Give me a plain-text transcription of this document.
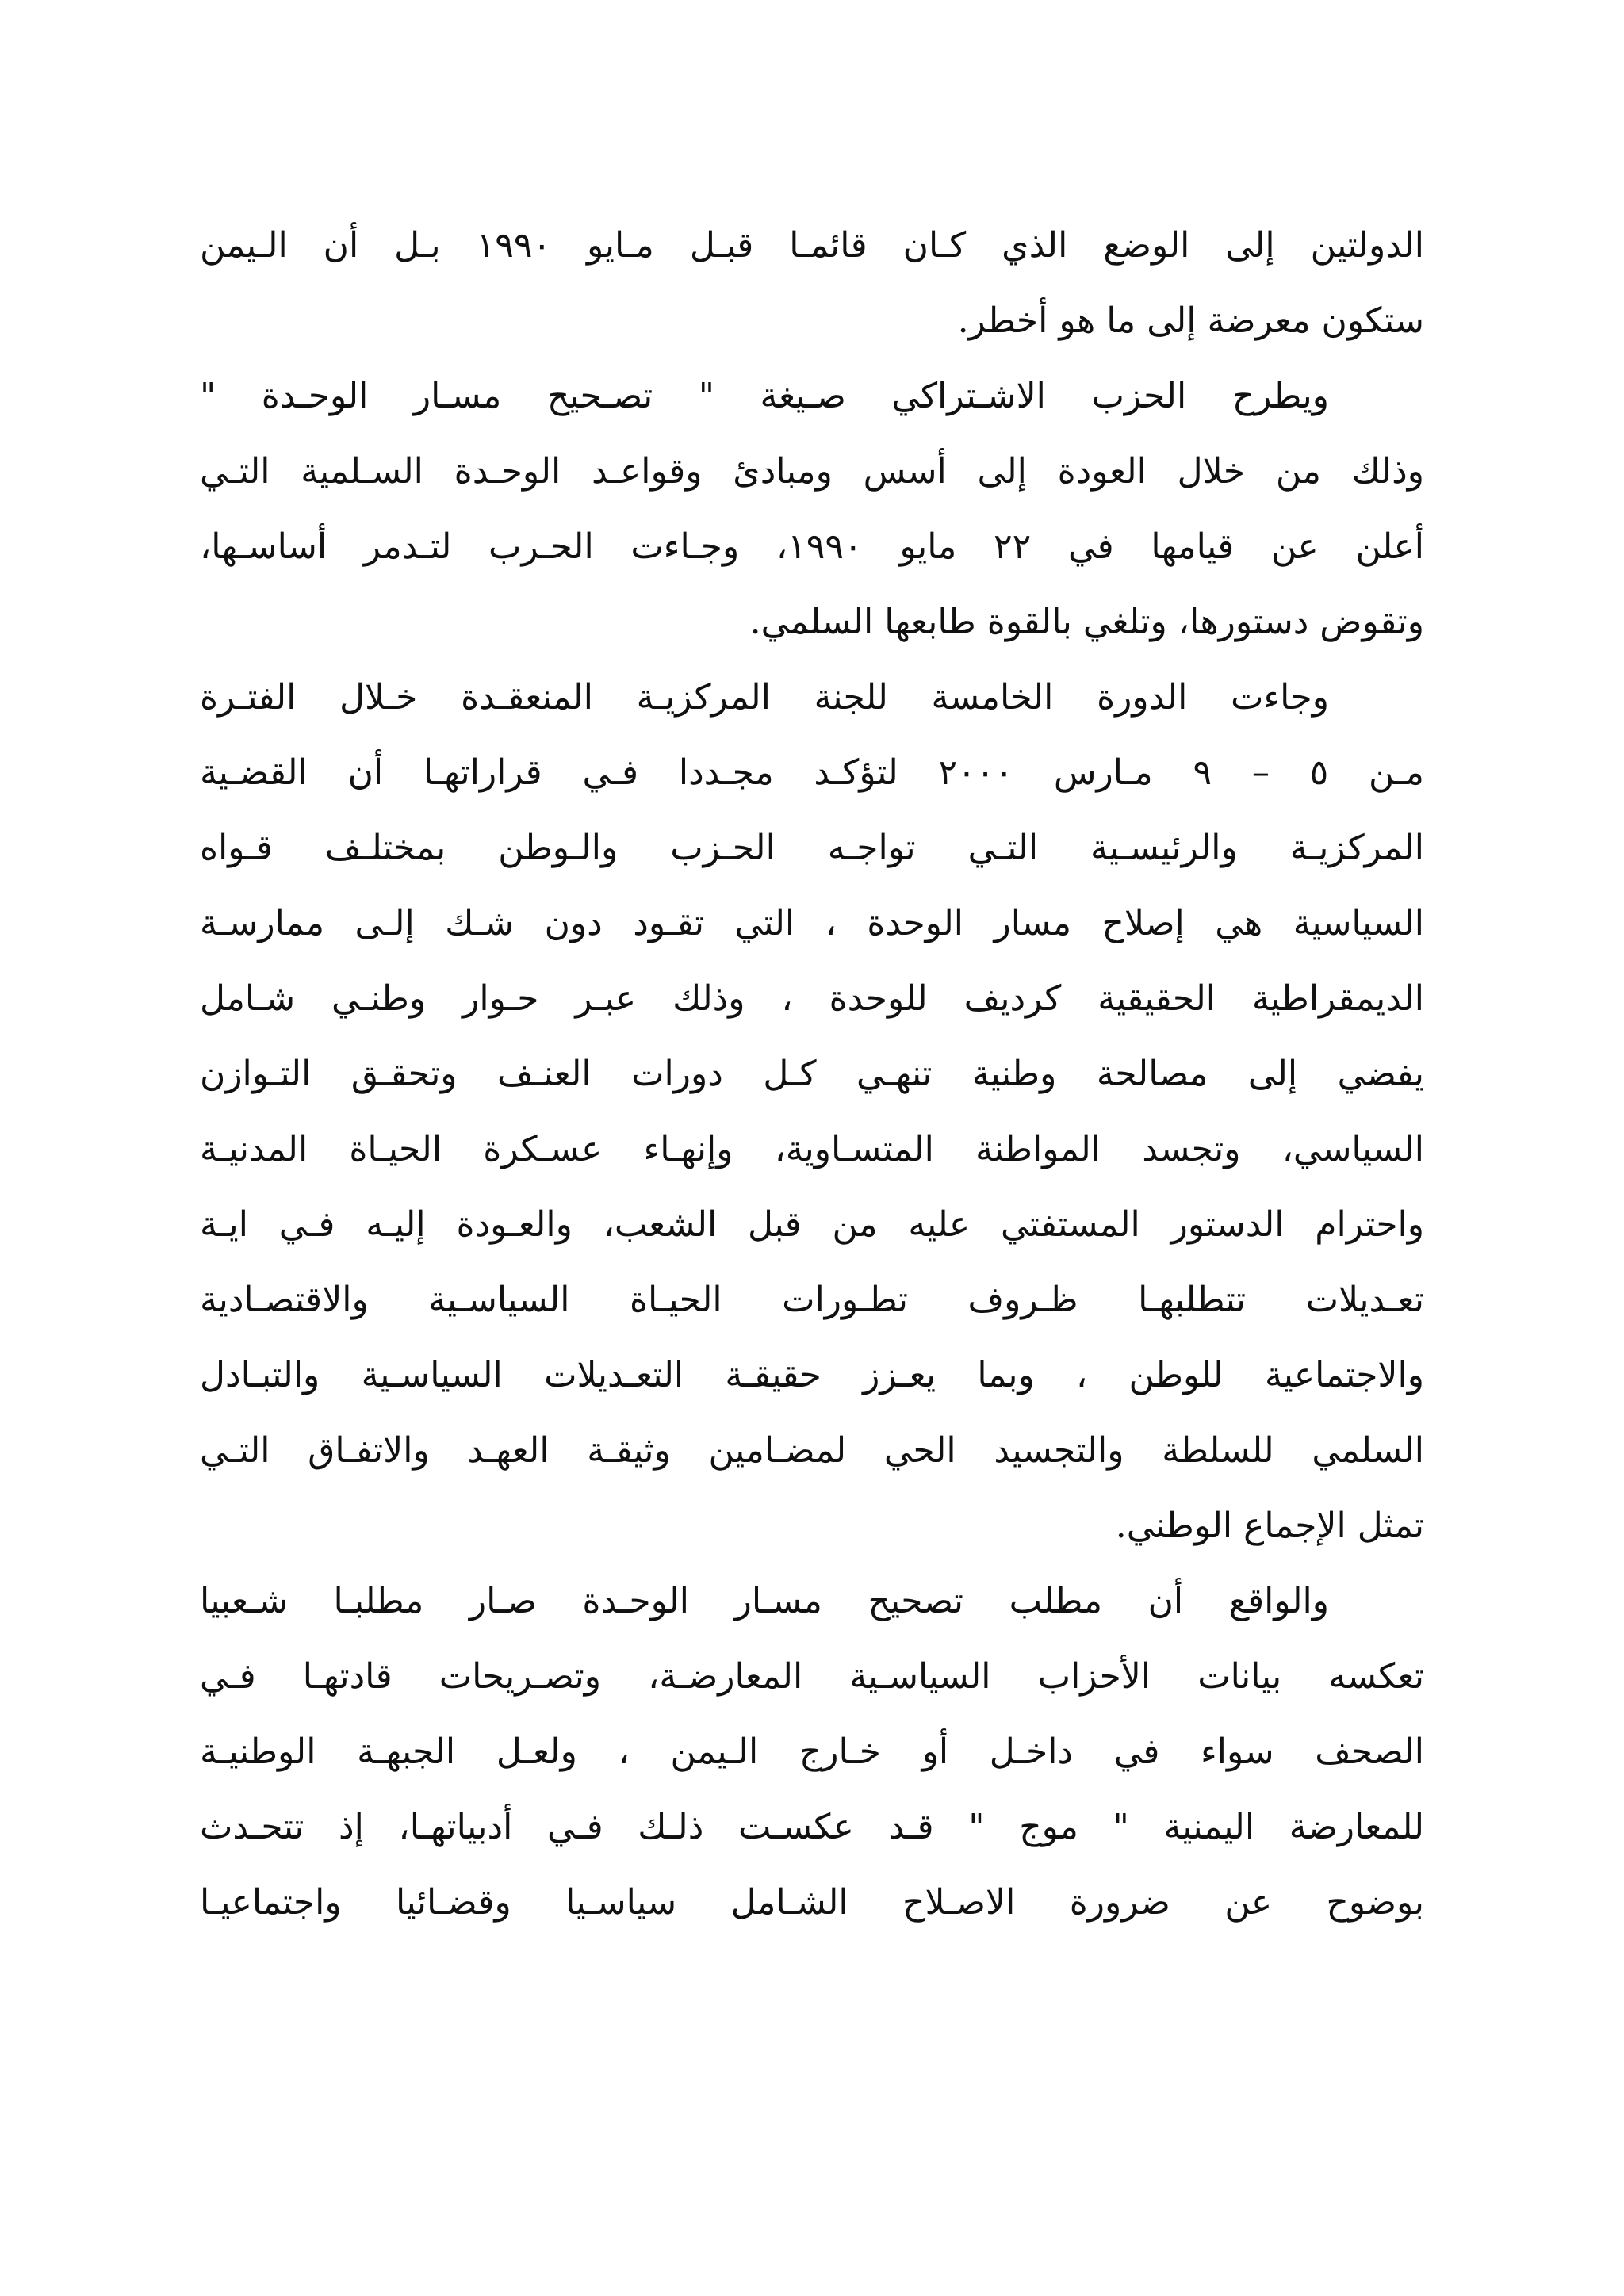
الدولتين إلى الوضع الذي كـان قائمـا قبـل مـايو ١٩٩٠ بـل أن الـيمن
ستكون معرضة إلى ما هو أخطر.
ويطرح الحزب الاشـتراكي صـيغة " تصـحيح مسـار الوحـدة "
وذلك من خلال العودة إلى أسس ومبادئ وقواعـد الوحـدة السـلمية التـي
أعلن عن قيامها في ٢٢ مايو ١٩٩٠، وجـاءت الحـرب لتـدمر أساسـها،
وتقوض دستورها، وتلغي بالقوة طابعها السلمي.
وجاءت الدورة الخامسة للجنة المركزيـة المنعقـدة خـلال الفتـرة
مـن ٥ – ٩ مـارس ٢٠٠٠ لتؤكـد مجـددا فـي قراراتهـا أن القضـية
المركزيـة والرئيسـية التـي تواجـه الحـزب والـوطن بمختلـف قـواه
السياسية هي إصلاح مسار الوحدة ، التي تقـود دون شـك إلـى ممارسـة
الديمقراطية الحقيقية كرديف للوحدة ، وذلك عبـر حـوار وطنـي شـامل
يفضي إلى مصالحة وطنية تنهـي كـل دورات العنـف وتحقـق التـوازن
السياسي، وتجسد المواطنة المتسـاوية، وإنهـاء عسـكرة الحيـاة المدنيـة
واحترام الدستور المستفتي عليه من قبل الشعب، والعـودة إليـه فـي ايـة
تعـديلات تتطلبهـا ظـروف تطـورات الحيـاة السياسـية والاقتصـادية
والاجتماعية للوطن ، وبما يعـزز حقيقـة التعـديلات السياسـية والتبـادل
السلمي للسلطة والتجسيد الحي لمضـامين وثيقـة العهـد والاتفـاق التـي
تمثل الإجماع الوطني.
والواقع أن مطلب تصحيح مسـار الوحـدة صـار مطلبـا شـعبيا
تعكسه بيانات الأحزاب السياسـية المعارضـة، وتصـريحات قادتهـا فـي
الصحف سواء في داخـل أو خـارج الـيمن ، ولعـل الجبهـة الوطنيـة
للمعارضة اليمنية " موج " قـد عكسـت ذلـك فـي أدبياتهـا، إذ تتحـدث
بوضوح عن ضرورة الاصـلاح الشـامل سياسـيا وقضـائيا واجتماعيـا
